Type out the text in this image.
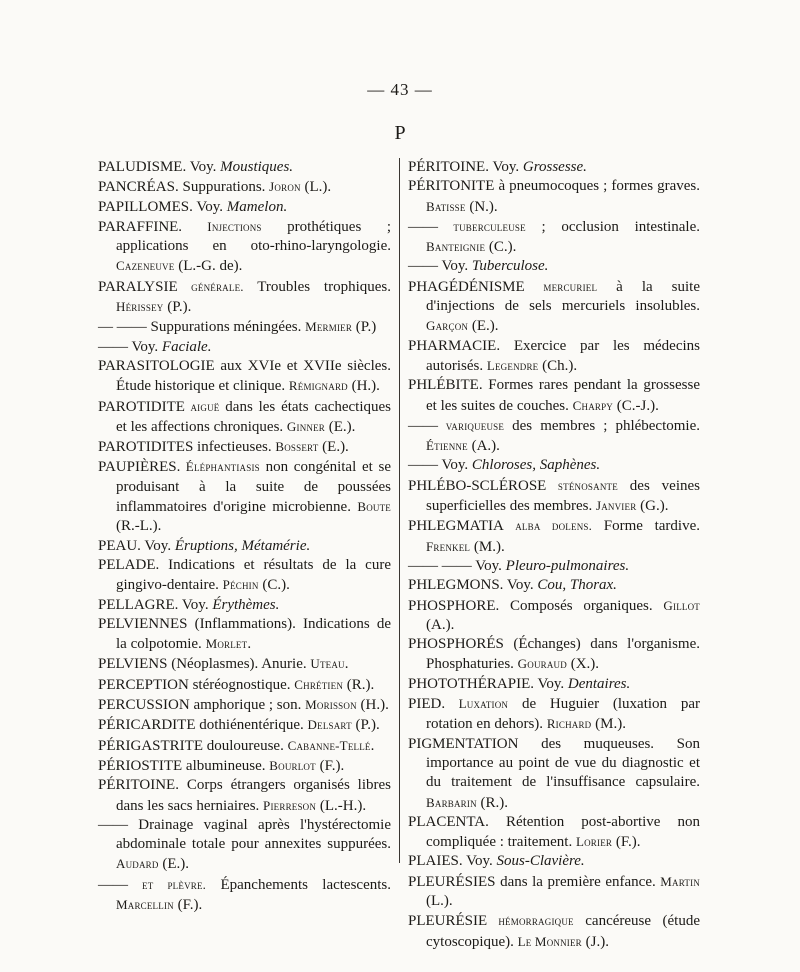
— 43 —
P

PALUDISME. Voy. Moustiques.

PANCRÉAS. Suppurations. Joron (L.).

PAPILLOMES. Voy. Mamelon.

PARAFFINE. Injections prothétiques ; applications en oto-rhino-laryngologie. Cazeneuve (L.-G. de).

PARALYSIE générale. Troubles trophiques. Hérissey (P.).

— —— Suppurations méningées. Mermier (P.)

—— Voy. Faciale.

PARASITOLOGIE aux XVIe et XVIIe siècles. Étude historique et clinique. Rémignard (H.).

PAROTIDITE aiguë dans les états cachectiques et les affections chroniques. Ginner (E.).

PAROTIDITES infectieuses. Bossert (E.).

PAUPIÈRES. Éléphantiasis non congénital et se produisant à la suite de poussées inflammatoires d'origine microbienne. Boute (R.-L.).

PEAU. Voy. Éruptions, Métamérie.

PELADE. Indications et résultats de la cure gingivo-dentaire. Péchin (C.).

PELLAGRE. Voy. Érythèmes.

PELVIENNES (Inflammations). Indications de la colpotomie. Morlet.

PELVIENS (Néoplasmes). Anurie. Uteau.

PERCEPTION stéréognostique. Chrétien (R.).

PERCUSSION amphorique ; son. Morisson (H.).

PÉRICARDITE dothiénentérique. Delsart (P.).

PÉRIGASTRITE douloureuse. Cabanne-Tellé.

PÉRIOSTITE albumineuse. Bourlot (F.).

PÉRITOINE. Corps étrangers organisés libres dans les sacs herniaires. Pierreson (L.-H.).

—— Drainage vaginal après l'hystérectomie abdominale totale pour annexites suppurées. Audard (E.).

—— et plèvre. Épanchements lactescents. Marcellin (F.).

PÉRITOINE. Voy. Grossesse.

PÉRITONITE à pneumocoques ; formes graves. Batisse (N.).

—— tuberculeuse ; occlusion intestinale. Banteignie (C.).

—— Voy. Tuberculose.

PHAGÉDÉNISME mercuriel à la suite d'injections de sels mercuriels insolubles. Garçon (E.).

PHARMACIE. Exercice par les médecins autorisés. Legendre (Ch.).

PHLÉBITE. Formes rares pendant la grossesse et les suites de couches. Charpy (C.-J.).

—— variqueuse des membres ; phlébectomie. Étienne (A.).

—— Voy. Chloroses, Saphènes.

PHLÉBO-SCLÉROSE sténosante des veines superficielles des membres. Janvier (G.).

PHLEGMATIA alba dolens. Forme tardive. Frenkel (M.).

—— —— Voy. Pleuro-pulmonaires.

PHLEGMONS. Voy. Cou, Thorax.

PHOSPHORE. Composés organiques. Gillot (A.).

PHOSPHORÉS (Échanges) dans l'organisme. Phosphaturies. Gouraud (X.).

PHOTOTHÉRAPIE. Voy. Dentaires.

PIED. Luxation de Huguier (luxation par rotation en dehors). Richard (M.).

PIGMENTATION des muqueuses. Son importance au point de vue du diagnostic et du traitement de l'insuffisance capsulaire. Barbarin (R.).

PLACENTA. Rétention post-abortive non compliquée : traitement. Lorier (F.).

PLAIES. Voy. Sous-Clavière.

PLEURÉSIES dans la première enfance. Martin (L.).

PLEURÉSIE hémorragique cancéreuse (étude cytoscopique). Le Monnier (J.).
